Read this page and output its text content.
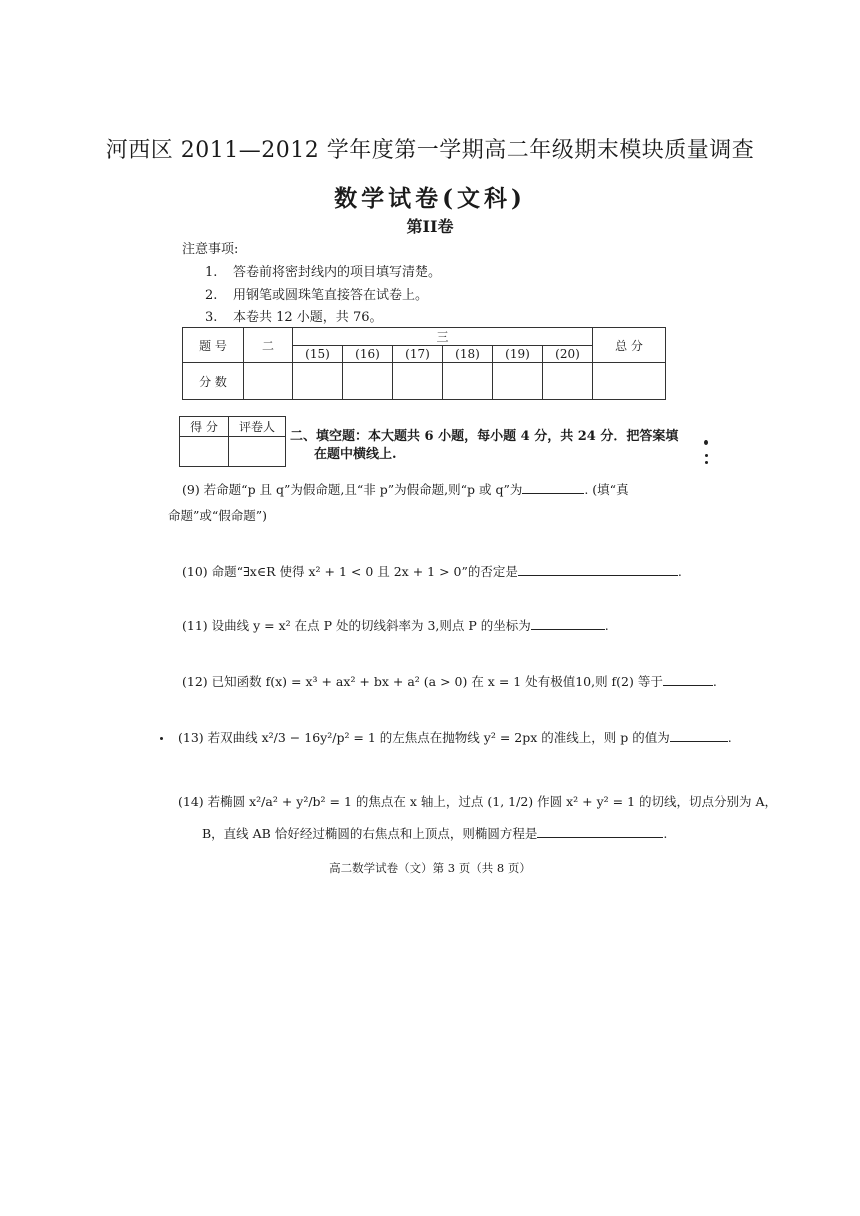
河西区 2011—2012 学年度第一学期高二年级期末模块质量调查
数学试卷(文科)
第II卷
注意事项:
1. 答卷前将密封线内的项目填写清楚。
2. 用钢笔或圆珠笔直接答在试卷上。
3. 本卷共 12 小题，共 76。
题 号	二	三						总 分
		(15)	(16)	(17)	(18)	(19)	(20)	
分 数								
得 分	评卷人

二、填空题：本大题共 6 小题，每小题 4 分，共 24 分．把答案填
在题中横线上.
(9) 若命题“p 且 q”为假命题,且“非 p”为假命题,则“p 或 q”为	. (填“真
命题”或“假命题”)
(10) 命题“∃x∈R 使得 x² + 1 < 0 且 2x + 1 > 0”的否定是	.
(11) 设曲线 y = x² 在点 P 处的切线斜率为 3,则点 P 的坐标为	.
(12) 已知函数 f(x) = x³ + ax² + bx + a² (a > 0) 在 x = 1 处有极值10,则 f(2) 等于	.
(13) 若双曲线 x²/3 − 16y²/p² = 1 的左焦点在抛物线 y² = 2px 的准线上，则 p 的值为	.
(14) 若椭圆 x²/a² + y²/b² = 1 的焦点在 x 轴上，过点 (1, 1/2) 作圆 x² + y² = 1 的切线，切点分别为 A，
B，直线 AB 恰好经过椭圆的右焦点和上顶点，则椭圆方程是	.
高二数学试卷（文）第 3 页（共 8 页）
